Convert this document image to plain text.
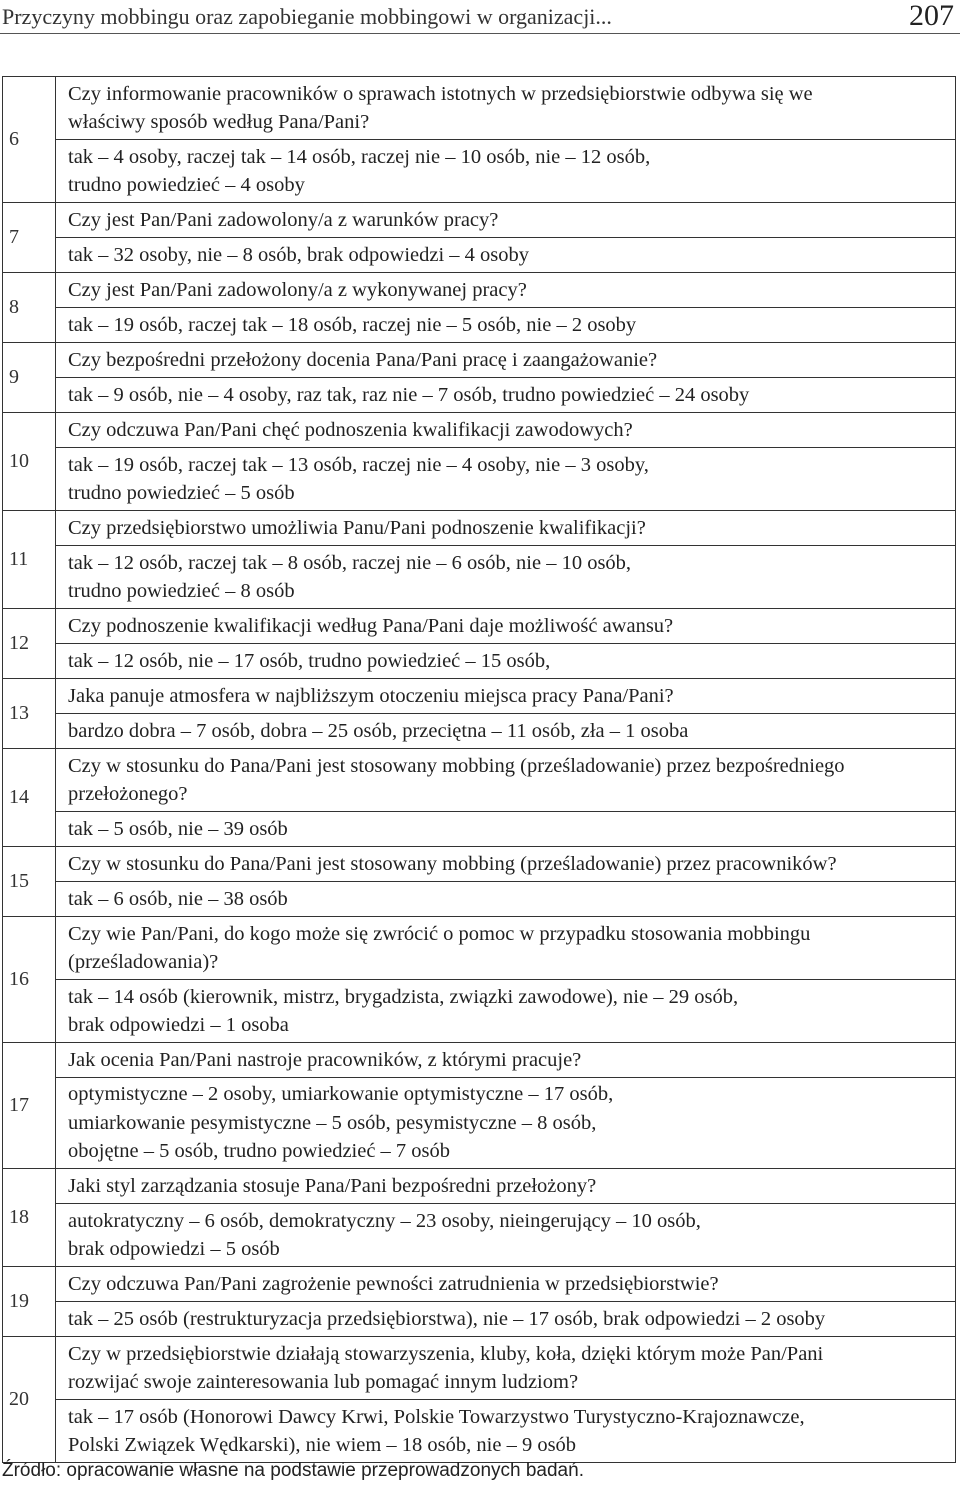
Przyczyny mobbingu oraz zapobieganie mobbingowi w organizacji...	207
6	Czy informowanie pracowników o sprawach istotnych w przedsiębiorstwie odbywa się we
właściwy sposób według Pana/Pani?

	tak – 4 osoby, raczej tak – 14 osób, raczej nie – 10 osób, nie – 12 osób,
trudno powiedzieć – 4 osoby

7	Czy jest Pan/Pani zadowolony/a z warunków pracy?

	tak – 32 osoby, nie – 8 osób, brak odpowiedzi – 4 osoby

8	Czy jest Pan/Pani zadowolony/a z wykonywanej pracy?

	tak – 19 osób, raczej tak – 18 osób, raczej nie – 5 osób, nie – 2 osoby

9	Czy bezpośredni przełożony docenia Pana/Pani pracę i zaangażowanie?

	tak – 9 osób, nie – 4 osoby, raz tak, raz nie – 7 osób, trudno powiedzieć – 24 osoby

10	Czy odczuwa Pan/Pani chęć podnoszenia kwalifikacji zawodowych?

	tak – 19 osób, raczej tak – 13 osób, raczej nie – 4 osoby, nie – 3 osoby,
trudno powiedzieć – 5 osób

11	Czy przedsiębiorstwo umożliwia Panu/Pani podnoszenie kwalifikacji?

	tak – 12 osób, raczej tak – 8 osób, raczej nie – 6 osób, nie – 10 osób,
trudno powiedzieć – 8 osób

12	Czy podnoszenie kwalifikacji według Pana/Pani daje możliwość awansu?

	tak – 12 osób, nie – 17 osób, trudno powiedzieć – 15 osób,

13	Jaka panuje atmosfera w najbliższym otoczeniu miejsca pracy Pana/Pani?

	bardzo dobra – 7 osób, dobra – 25 osób, przeciętna – 11 osób, zła – 1 osoba

14	Czy w stosunku do Pana/Pani jest stosowany mobbing (prześladowanie) przez bezpośredniego
przełożonego?

	tak – 5 osób, nie – 39 osób

15	Czy w stosunku do Pana/Pani jest stosowany mobbing (prześladowanie) przez pracowników?

	tak – 6 osób, nie – 38 osób

16	Czy wie Pan/Pani, do kogo może się zwrócić o pomoc w przypadku stosowania mobbingu
(prześladowania)?

	tak – 14 osób (kierownik, mistrz, brygadzista, związki zawodowe), nie – 29 osób,
brak odpowiedzi – 1 osoba

17	Jak ocenia Pan/Pani nastroje pracowników, z którymi pracuje?

	optymistyczne – 2 osoby, umiarkowanie optymistyczne – 17 osób,
umiarkowanie pesymistyczne – 5 osób, pesymistyczne – 8 osób,
obojętne – 5 osób, trudno powiedzieć – 7 osób

18	Jaki styl zarządzania stosuje Pana/Pani bezpośredni przełożony?

	autokratyczny – 6 osób, demokratyczny – 23 osoby, nieingerujący – 10 osób,
brak odpowiedzi – 5 osób

19	Czy odczuwa Pan/Pani zagrożenie pewności zatrudnienia w przedsiębiorstwie?

	tak – 25 osób (restrukturyzacja przedsiębiorstwa), nie – 17 osób, brak odpowiedzi – 2 osoby

20	Czy w przedsiębiorstwie działają stowarzyszenia, kluby, koła, dzięki którym może Pan/Pani
rozwijać swoje zainteresowania lub pomagać innym ludziom?

	tak – 17 osób (Honorowi Dawcy Krwi, Polskie Towarzystwo Turystyczno-Krajoznawcze,
Polski Związek Wędkarski), nie wiem – 18 osób, nie – 9 osób
Źródło: opracowanie własne na podstawie przeprowadzonych badań.
